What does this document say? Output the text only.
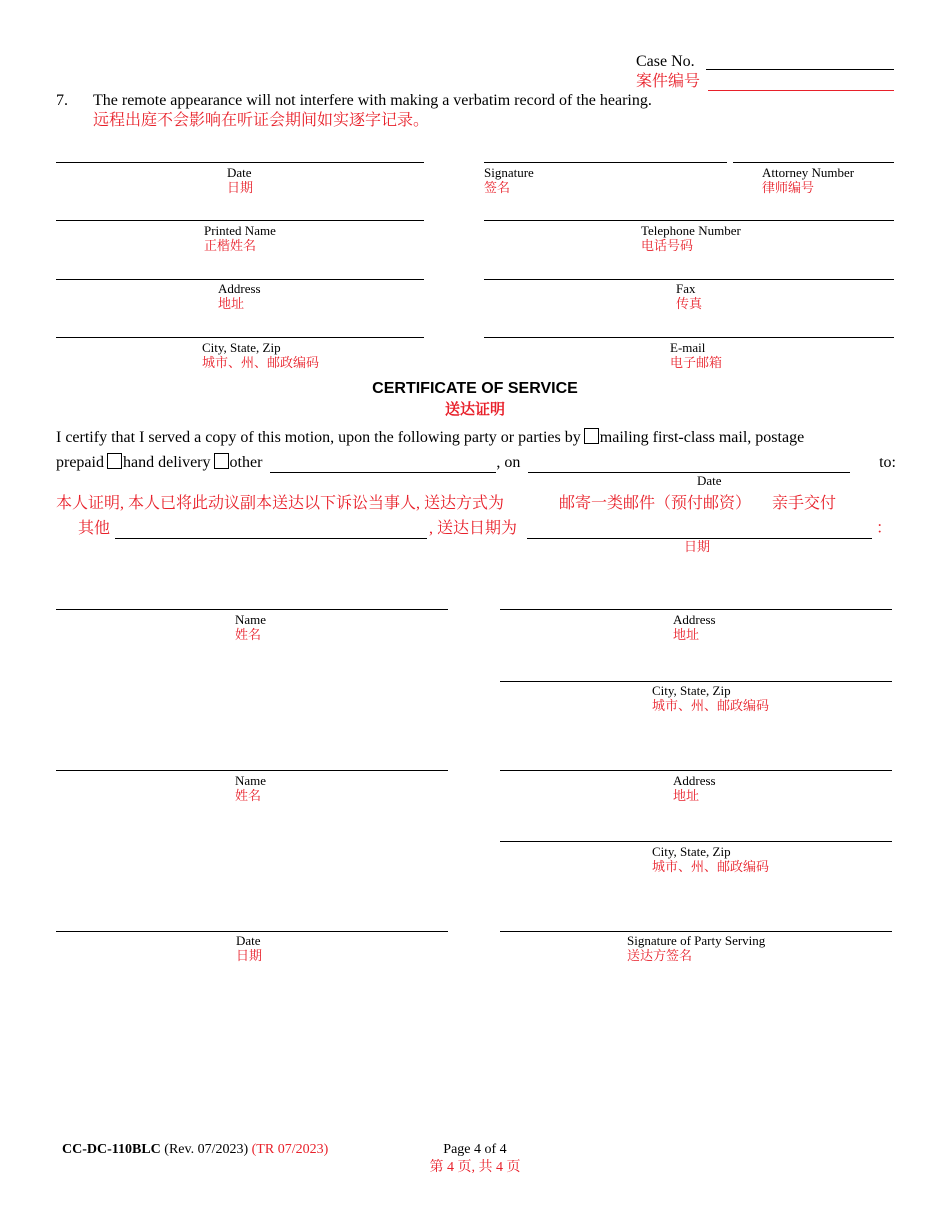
Case No.
案件编号
7. The remote appearance will not interfere with making a verbatim record of the hearing.
远程出庭不会影响在听证会期间如实逐字记录。
Date
日期
Signature
签名
Attorney Number
律师编号
Printed Name
正楷姓名
Telephone Number
电话号码
Address
地址
Fax
传真
City, State, Zip
城市、州、邮政编码
E-mail
电子邮箱
CERTIFICATE OF SERVICE
送达证明
I certify that I served a copy of this motion, upon the following party or parties by mailing first-class mail, postage
prepaid hand delivery other	, on	to:
Date
本人证明, 本人已将此动议副本送达以下诉讼当事人, 送达方式为	邮寄一类邮件（预付邮资） 亲手交付
其他	, 送达日期为	：
日期
Name
姓名
Address
地址
City, State, Zip
城市、州、邮政编码
Name
姓名
Address
地址
City, State, Zip
城市、州、邮政编码
Date
日期
Signature of Party Serving
送达方签名
CC-DC-110BLC (Rev. 07/2023) (TR 07/2023)	Page 4 of 4
第 4 页, 共 4 页
